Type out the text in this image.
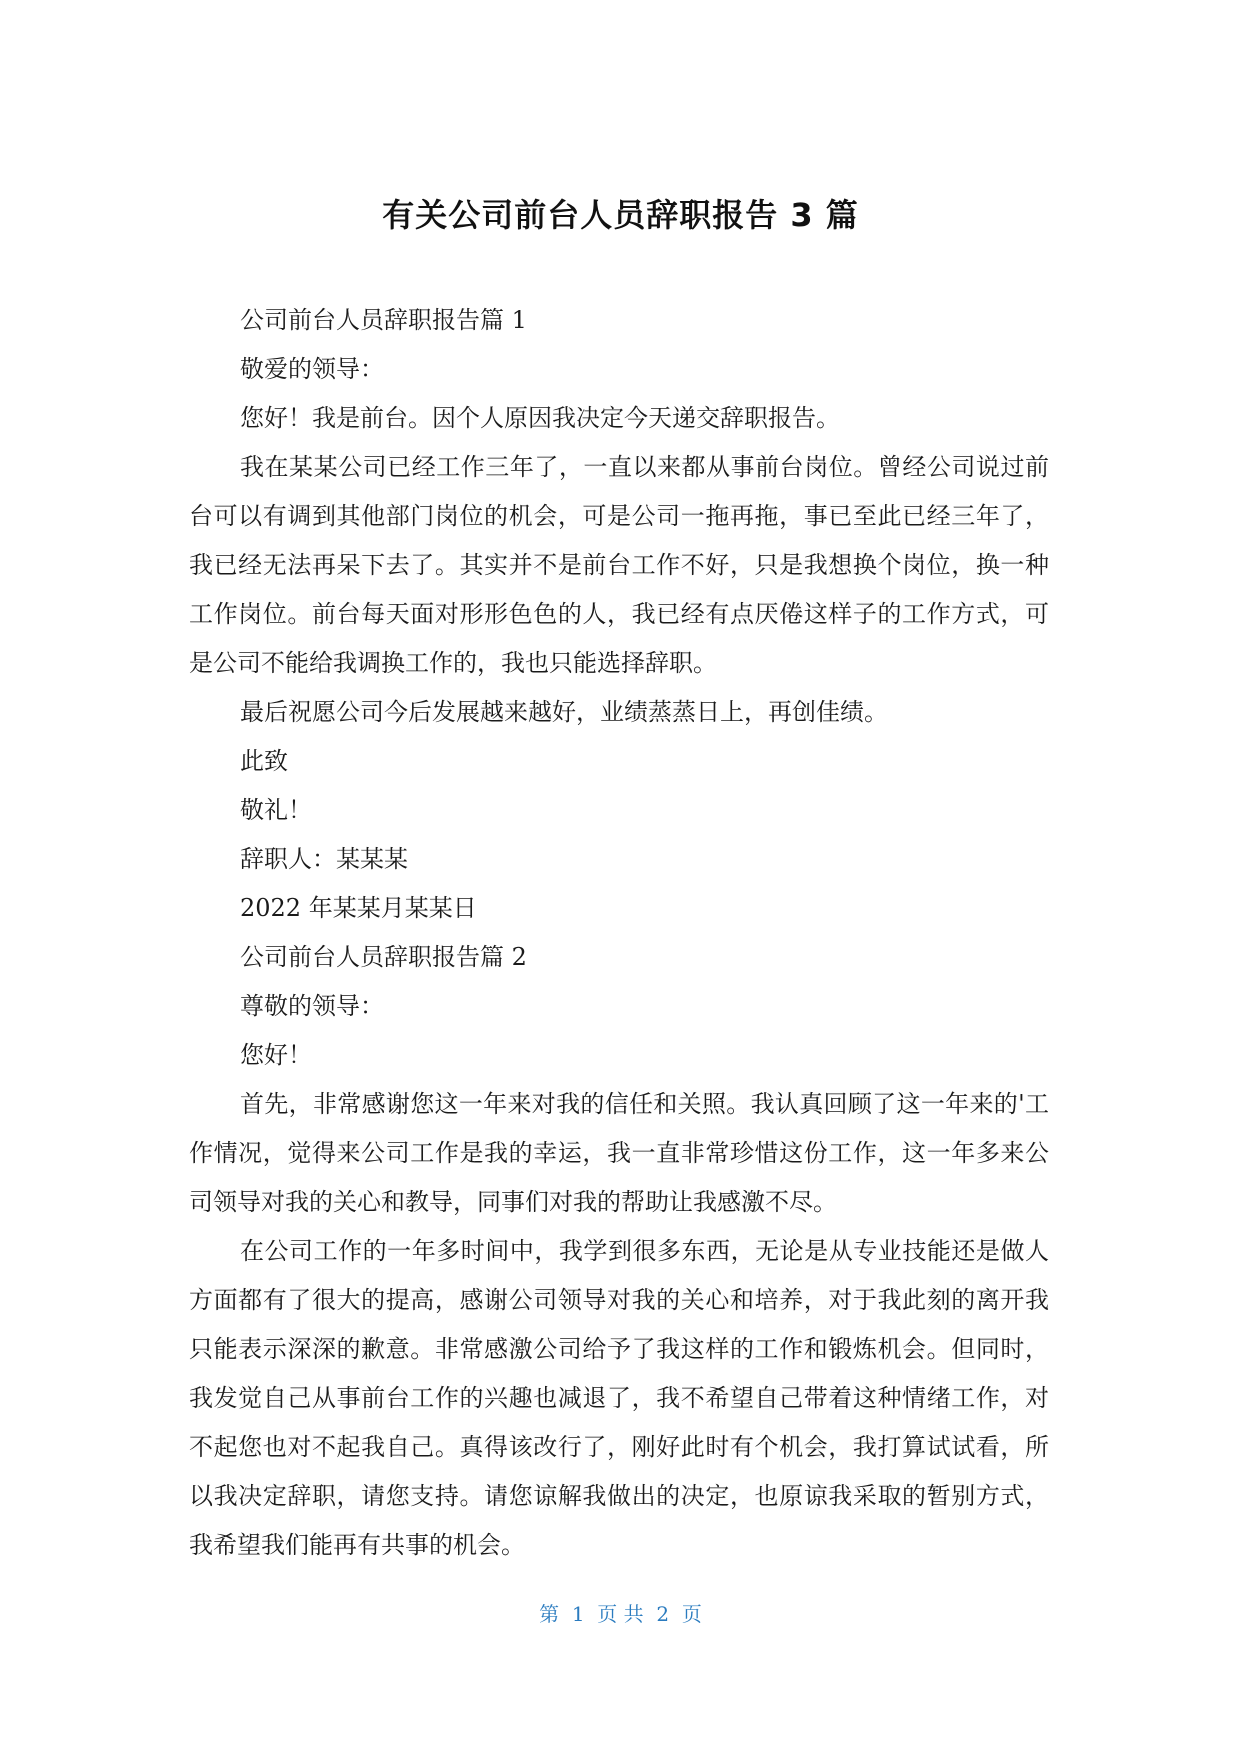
有关公司前台人员辞职报告 3 篇

公司前台人员辞职报告篇 1

敬爱的领导：

您好！我是前台。因个人原因我决定今天递交辞职报告。

我在某某公司已经工作三年了，一直以来都从事前台岗位。曾经公司说过前台可以有调到其他部门岗位的机会，可是公司一拖再拖，事已至此已经三年了，我已经无法再呆下去了。其实并不是前台工作不好，只是我想换个岗位，换一种工作岗位。前台每天面对形形色色的人，我已经有点厌倦这样子的工作方式，可是公司不能给我调换工作的，我也只能选择辞职。

最后祝愿公司今后发展越来越好，业绩蒸蒸日上，再创佳绩。

此致

敬礼！

辞职人：某某某

2022 年某某月某某日

公司前台人员辞职报告篇 2

尊敬的领导：

您好！

首先，非常感谢您这一年来对我的信任和关照。我认真回顾了这一年来的'工作情况，觉得来公司工作是我的幸运，我一直非常珍惜这份工作，这一年多来公司领导对我的关心和教导，同事们对我的帮助让我感激不尽。

在公司工作的一年多时间中，我学到很多东西，无论是从专业技能还是做人方面都有了很大的提高，感谢公司领导对我的关心和培养，对于我此刻的离开我只能表示深深的歉意。非常感激公司给予了我这样的工作和锻炼机会。但同时，我发觉自己从事前台工作的兴趣也减退了，我不希望自己带着这种情绪工作，对不起您也对不起我自己。真得该改行了，刚好此时有个机会，我打算试试看，所以我决定辞职，请您支持。请您谅解我做出的决定，也原谅我采取的暂别方式，我希望我们能再有共事的机会。

第  1  页 共  2  页
